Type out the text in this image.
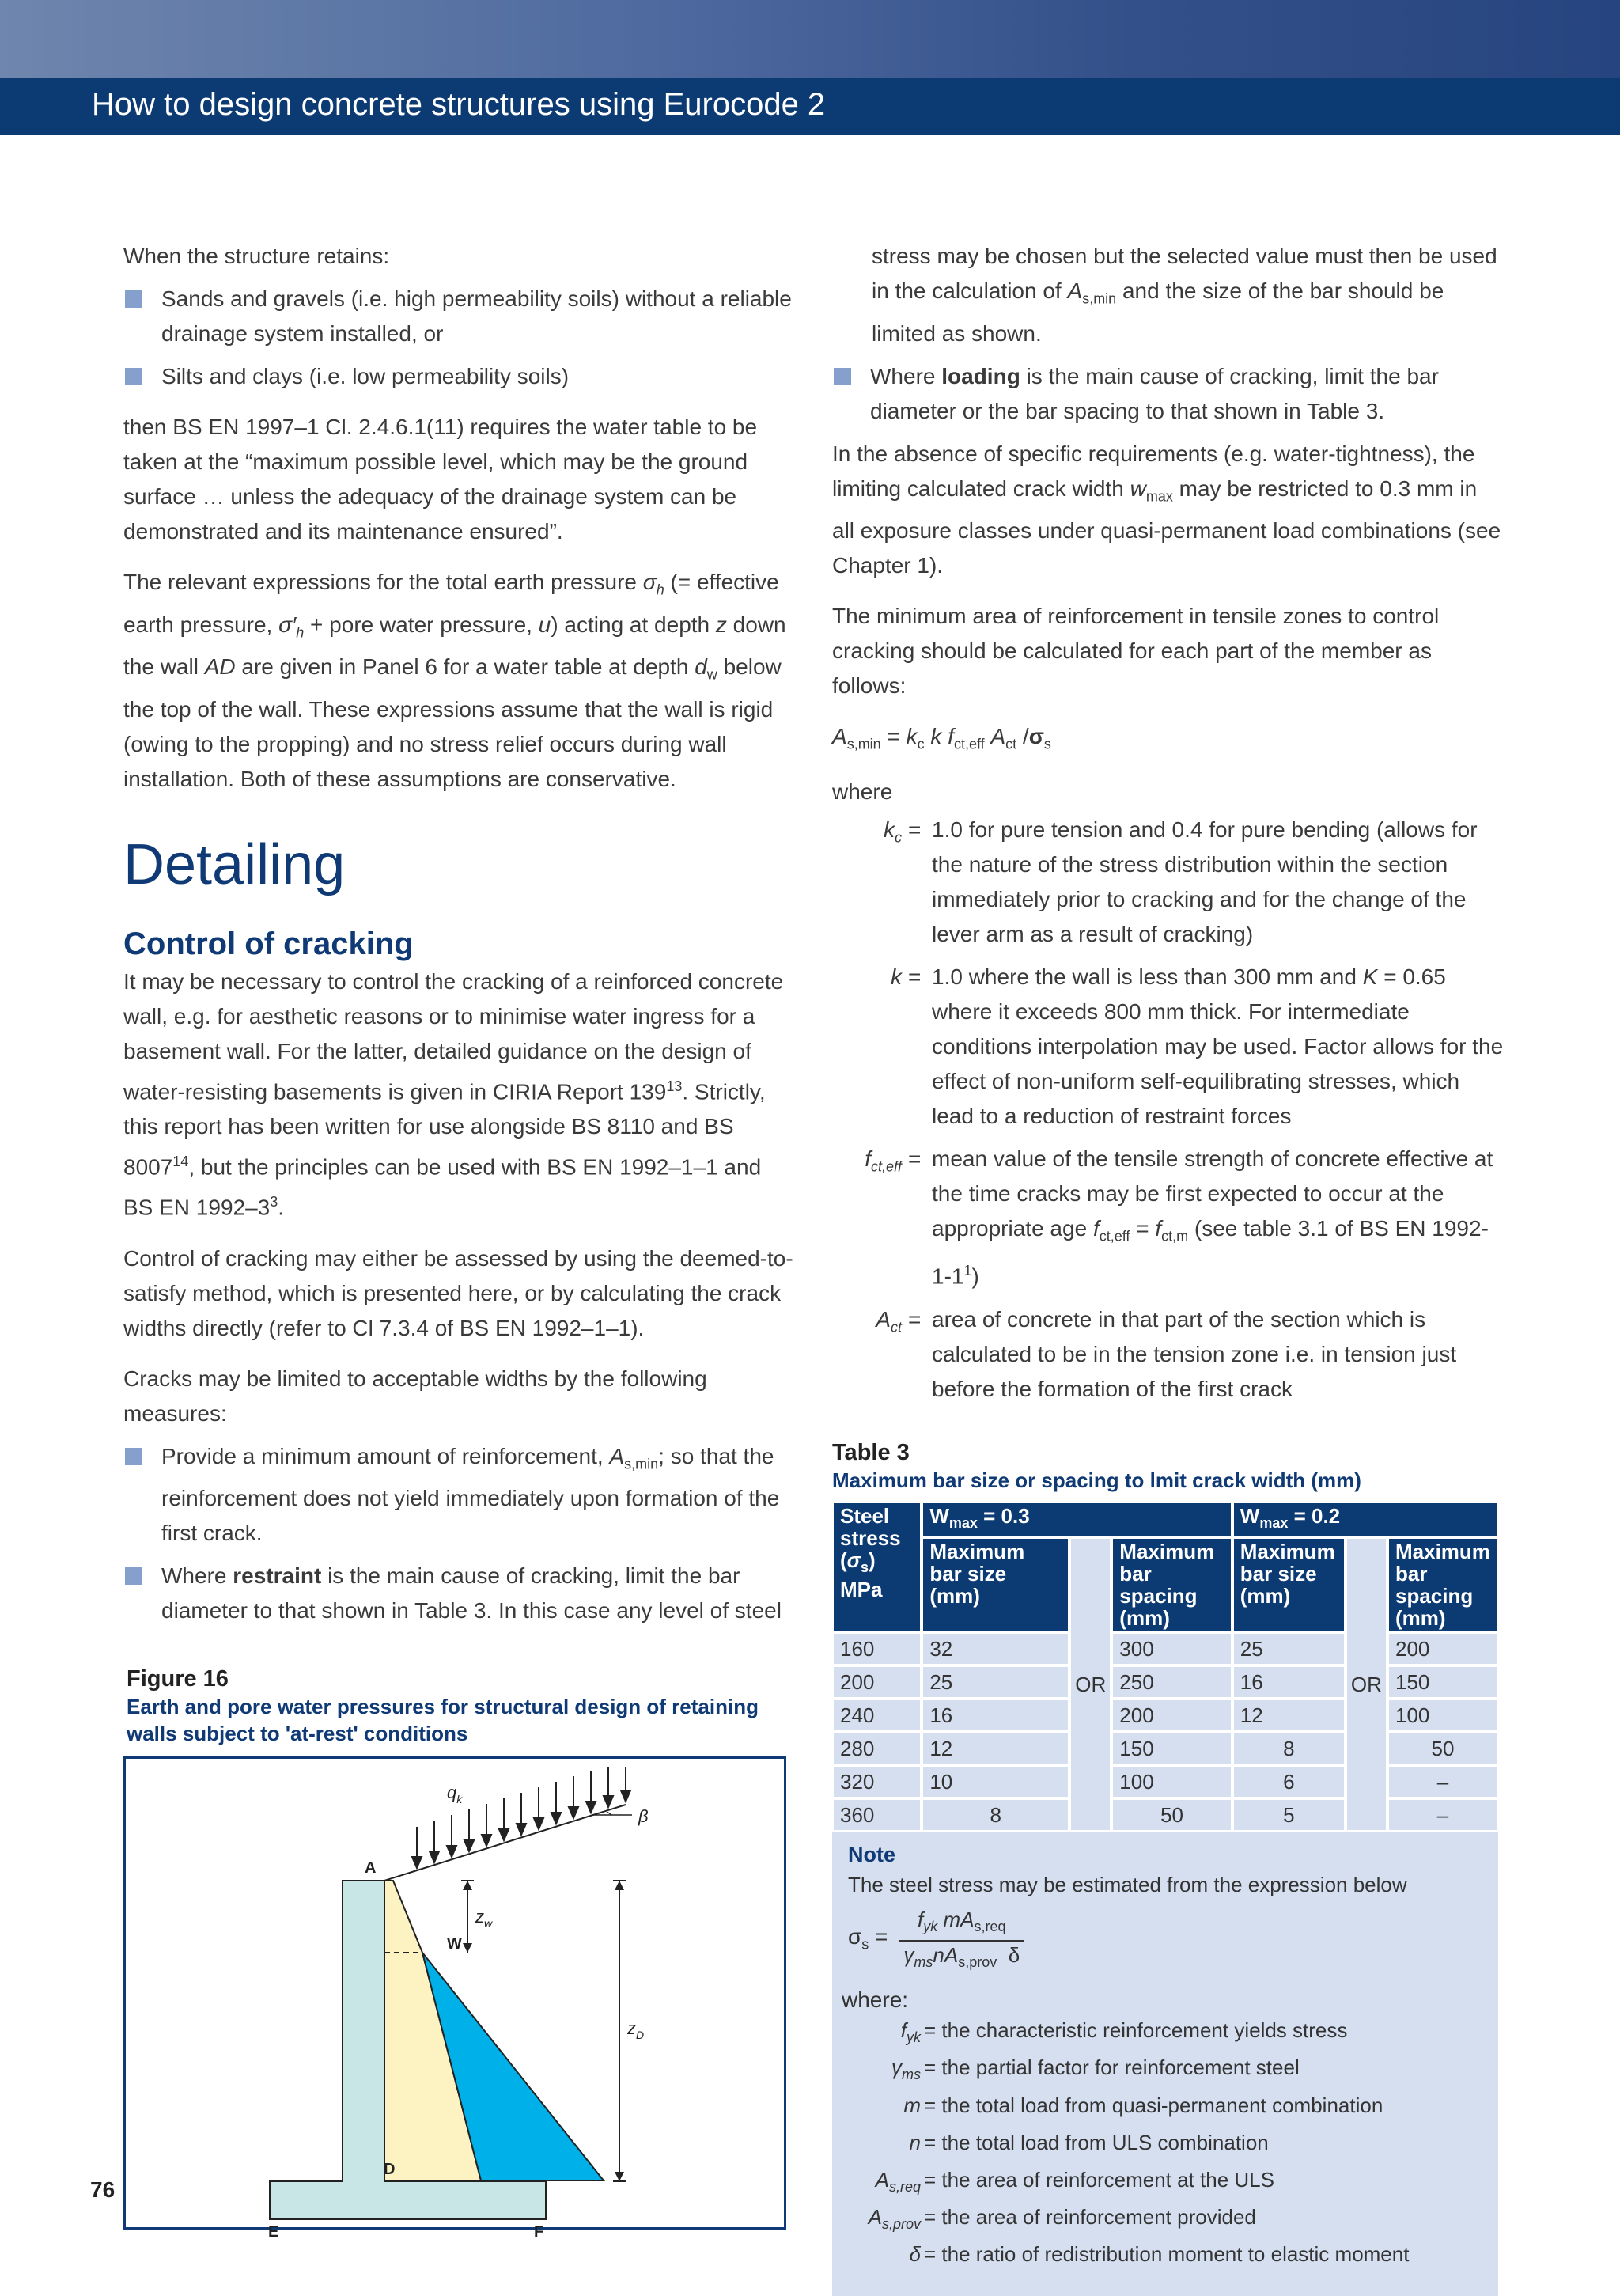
How to design concrete structures using Eurocode 2

When the structure retains:

Sands and gravels (i.e. high permeability soils) without a reliable drainage system installed, or

Silts and clays (i.e. low permeability soils)

then BS EN 1997–1 Cl. 2.4.6.1(11) requires the water table to be taken at the “maximum possible level, which may be the ground surface … unless the adequacy of the drainage system can be demonstrated and its maintenance ensured”.

The relevant expressions for the total earth pressure $\sigma_h$ (= effective earth pressure, $\sigma'_h$ + pore water pressure, u) acting at depth z down the wall AD are given in Panel 6 for a water table at depth $d_w$ below the top of the wall. These expressions assume that the wall is rigid (owing to the propping) and no stress relief occurs during wall installation. Both of these assumptions are conservative.

Detailing
Control of cracking

It may be necessary to control the cracking of a reinforced concrete wall, e.g. for aesthetic reasons or to minimise water ingress for a basement wall. For the latter, detailed guidance on the design of water-resisting basements is given in CIRIA Report $139^{13}$. Strictly, this report has been written for use alongside BS 8110 and BS 8007$^{14}$, but the principles can be used with BS EN 1992–1–1 and BS EN $1992-3^3$.

Control of cracking may either be assessed by using the deemed-to-satisfy method, which is presented here, or by calculating the crack widths directly (refer to Cl 7.3.4 of BS EN 1992–1–1).

Cracks may be limited to acceptable widths by the following measures:

Provide a minimum amount of reinforcement, $A_{s,min}$; so that the reinforcement does not yield immediately upon formation of the first crack.

Where restraint is the main cause of cracking, limit the bar diameter to that shown in Table 3. In this case any level of steel

Figure 16
Earth and pore water pressures for structural design of retaining walls subject to 'at-rest' conditions
A
$q_k$
β
$z_w$
W
$z_D$
D
E	F

stress may be chosen but the selected value must then be used in the calculation of $A_{s,min}$ and the size of the bar should be limited as shown.

Where loading is the main cause of cracking, limit the bar diameter or the bar spacing to that shown in Table 3.

In the absence of specific requirements (e.g. water-tightness), the limiting calculated crack width $w_{max}$ may be restricted to 0.3 mm in all exposure classes under quasi-permanent load combinations (see Chapter 1).

The minimum area of reinforcement in tensile zones to control cracking should be calculated for each part of the member as follows:

$A_{s,min} = k_c$ k $f_{ct,eff}$ $A_{ct}$ $/\sigma_s$

where

$k_c = 1.0$ for pure tension and 0.4 for pure bending (allows for the nature of the stress distribution within the section immediately prior to cracking and for the change of the lever arm as a result of cracking)
k = 1.0 where the wall is less than 300 mm and K = 0.65 where it exceeds 800 mm thick. For intermediate conditions interpolation may be used. Factor allows for the effect of non-uniform self-equilibrating stresses, which lead to a reduction of restraint forces
$f_{ct,eff}$ = mean value of the tensile strength of concrete effective at the time cracks may be first expected to occur at the appropriate age $f_{ct,eff} = f_{ct,m}$ (see table 3.1 of BS EN $1992-1-1^1$)
$A_{ct}$ = area of concrete in that part of the section which is calculated to be in the tension zone i.e. in tension just before the formation of the first crack
Table 3
Maximum bar size or spacing to lmit crack width (mm)
Steel stress
$(\sigma_s)$
MPa	$W_{max} = 0.3$			$W_{max} = 0.2$		
	Maximum bar size (mm)	OR	Maximum bar spacing (mm)	Maximum bar size (mm)	OR	Maximum bar spacing (mm)
160	32		300	25		200
200	25		250	16		150
240	16		200	12		100
280	12		150	8		50
320	10		100	6		–
360	8		50	5		–
Note
The steel stress may be estimated from the expression below
$\sigma_s$ =
$f_{yk}$ $mA_{s,req}$
$\gamma_{ms}nA_{s,prov}$  δ
where:
$f_{yk}$ = the characteristic reinforcement yields stress
$\gamma_{ms}$ = the partial factor for reinforcement steel
m = the total load from quasi-permanent combination
n = the total load from ULS combination
$A_{s,req}$ = the area of reinforcement at the ULS
$A_{s,prov}$ = the area of reinforcement provided
δ = the ratio of redistribution moment to elastic moment
76
